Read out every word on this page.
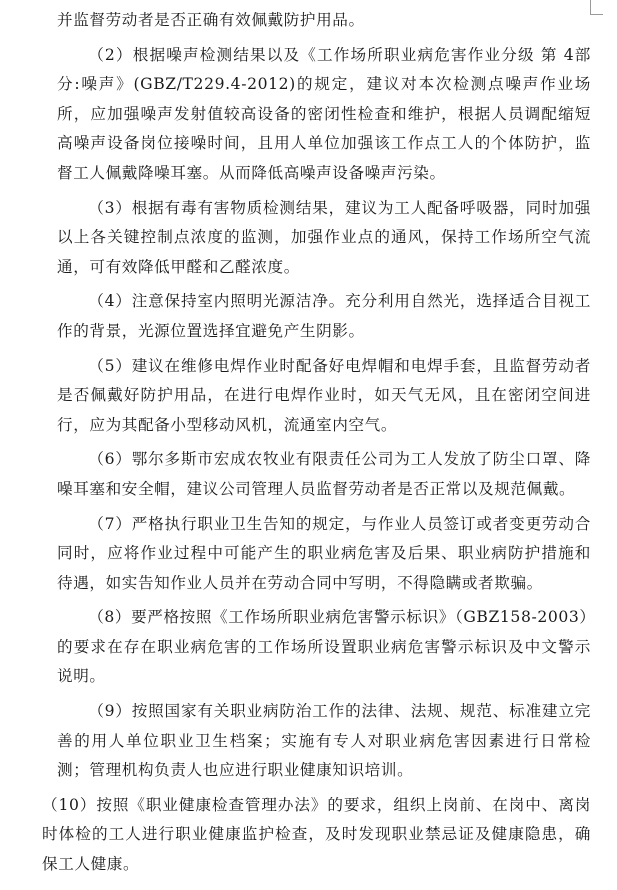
并监督劳动者是否正确有效佩戴防护用品。

（2）根据噪声检测结果以及《工作场所职业病危害作业分级 第 4部分:噪声》(GBZ/T229.4-2012)的规定，建议对本次检测点噪声作业场所，应加强噪声发射值较高设备的密闭性检查和维护，根据人员调配缩短高噪声设备岗位接噪时间，且用人单位加强该工作点工人的个体防护，监督工人佩戴降噪耳塞。从而降低高噪声设备噪声污染。

（3）根据有毒有害物质检测结果，建议为工人配备呼吸器，同时加强以上各关键控制点浓度的监测，加强作业点的通风，保持工作场所空气流通，可有效降低甲醛和乙醛浓度。

（4）注意保持室内照明光源洁净。充分利用自然光，选择适合目视工作的背景，光源位置选择宜避免产生阴影。

（5）建议在维修电焊作业时配备好电焊帽和电焊手套，且监督劳动者是否佩戴好防护用品，在进行电焊作业时，如天气无风，且在密闭空间进行，应为其配备小型移动风机，流通室内空气。

（6）鄂尔多斯市宏成农牧业有限责任公司为工人发放了防尘口罩、降噪耳塞和安全帽，建议公司管理人员监督劳动者是否正常以及规范佩戴。

（7）严格执行职业卫生告知的规定，与作业人员签订或者变更劳动合同时，应将作业过程中可能产生的职业病危害及后果、职业病防护措施和待遇，如实告知作业人员并在劳动合同中写明，不得隐瞒或者欺骗。

（8）要严格按照《工作场所职业病危害警示标识》（GBZ158-2003）的要求在存在职业病危害的工作场所设置职业病危害警示标识及中文警示说明。

（9）按照国家有关职业病防治工作的法律、法规、规范、标准建立完善的用人单位职业卫生档案；实施有专人对职业病危害因素进行日常检测；管理机构负责人也应进行职业健康知识培训。

（10）按照《职业健康检查管理办法》的要求，组织上岗前、在岗中、离岗时体检的工人进行职业健康监护检查，及时发现职业禁忌证及健康隐患，确保工人健康。
